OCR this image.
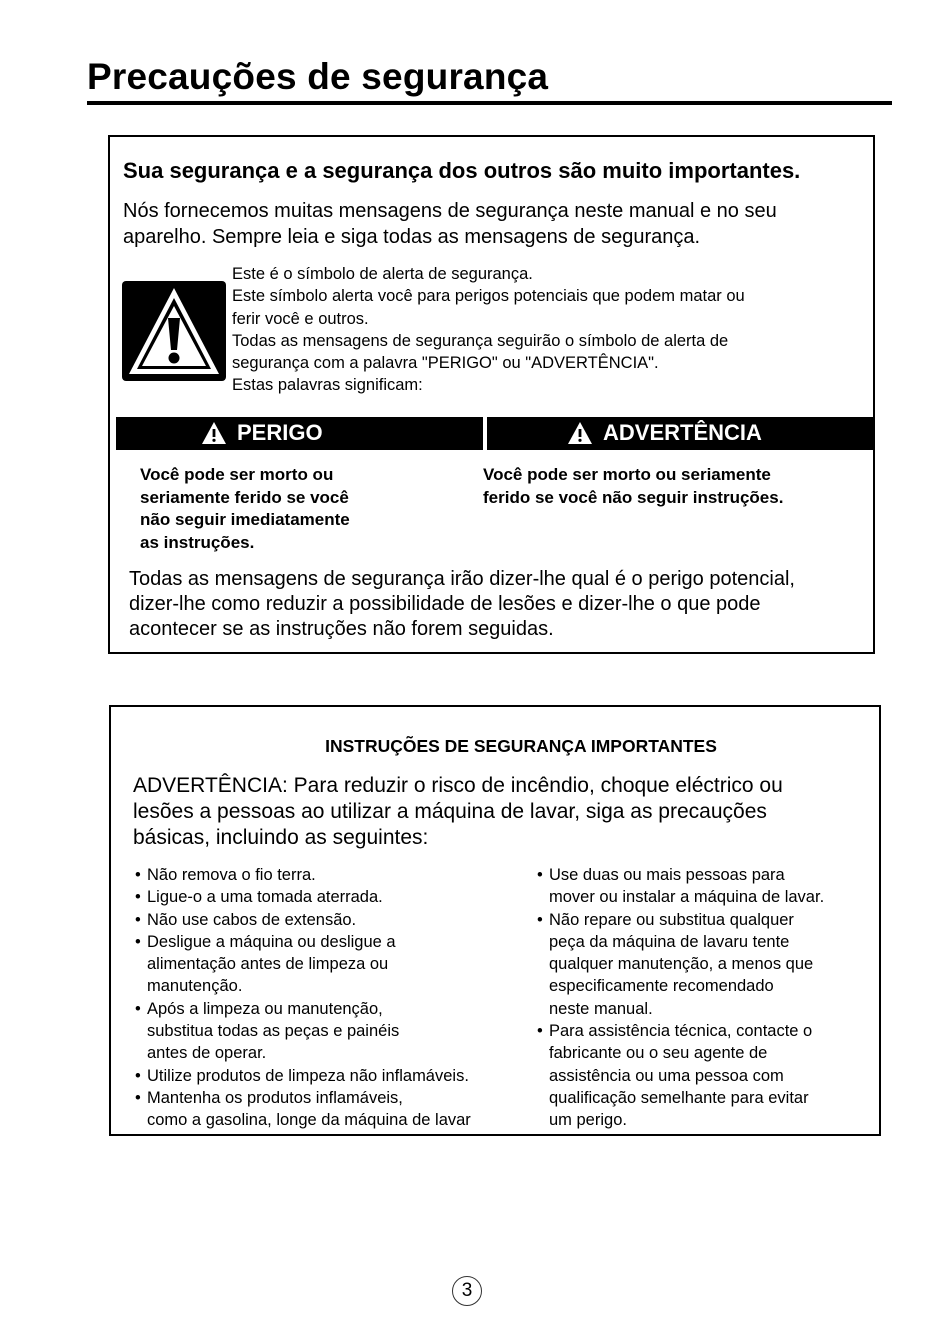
Precauções de segurança
Sua segurança e a segurança dos outros são muito importantes.

Nós fornecemos muitas mensagens de segurança neste manual e no seu

aparelho. Sempre leia e siga todas as mensagens de segurança.

Este é o símbolo de alerta de segurança.

Este símbolo alerta você para perigos potenciais que podem matar ou

ferir você e outros.

Todas as mensagens de segurança seguirão o símbolo de alerta de

segurança com a palavra "PERIGO" ou "ADVERTÊNCIA".

Estas palavras significam:

PERIGO	ADVERTÊNCIA

Você pode ser morto ou

seriamente ferido se você

não seguir imediatamente

as instruções.

Você pode ser morto ou seriamente

ferido se você não seguir instruções.

Todas as mensagens de segurança irão dizer-lhe qual é o perigo potencial,

dizer-lhe como reduzir a possibilidade de lesões e dizer-lhe o que pode

acontecer se as instruções não forem seguidas.

INSTRUÇÕES DE SEGURANÇA IMPORTANTES

ADVERTÊNCIA: Para reduzir o risco de incêndio, choque eléctrico ou

lesões a pessoas ao utilizar a máquina de lavar, siga as precauções

básicas, incluindo as seguintes:

• Não remova o fio terra.

• Ligue-o a uma tomada aterrada.

• Não use cabos de extensão.

• Desligue a máquina ou desligue a

alimentação antes de limpeza ou

manutenção.

• Após a limpeza ou manutenção,

substitua todas as peças e painéis

antes de operar.

• Utilize produtos de limpeza não inflamáveis.

• Mantenha os produtos inflamáveis,

como a gasolina, longe da máquina de lavar

• Use duas ou mais pessoas para

mover ou instalar a máquina de lavar.

• Não repare ou substitua qualquer

peça da máquina de lavaru tente

qualquer manutenção, a menos que

especificamente recomendado

neste manual.

• Para assistência técnica, contacte o

fabricante ou o seu agente de

assistência ou uma pessoa com

qualificação semelhante para evitar

um perigo.

3
